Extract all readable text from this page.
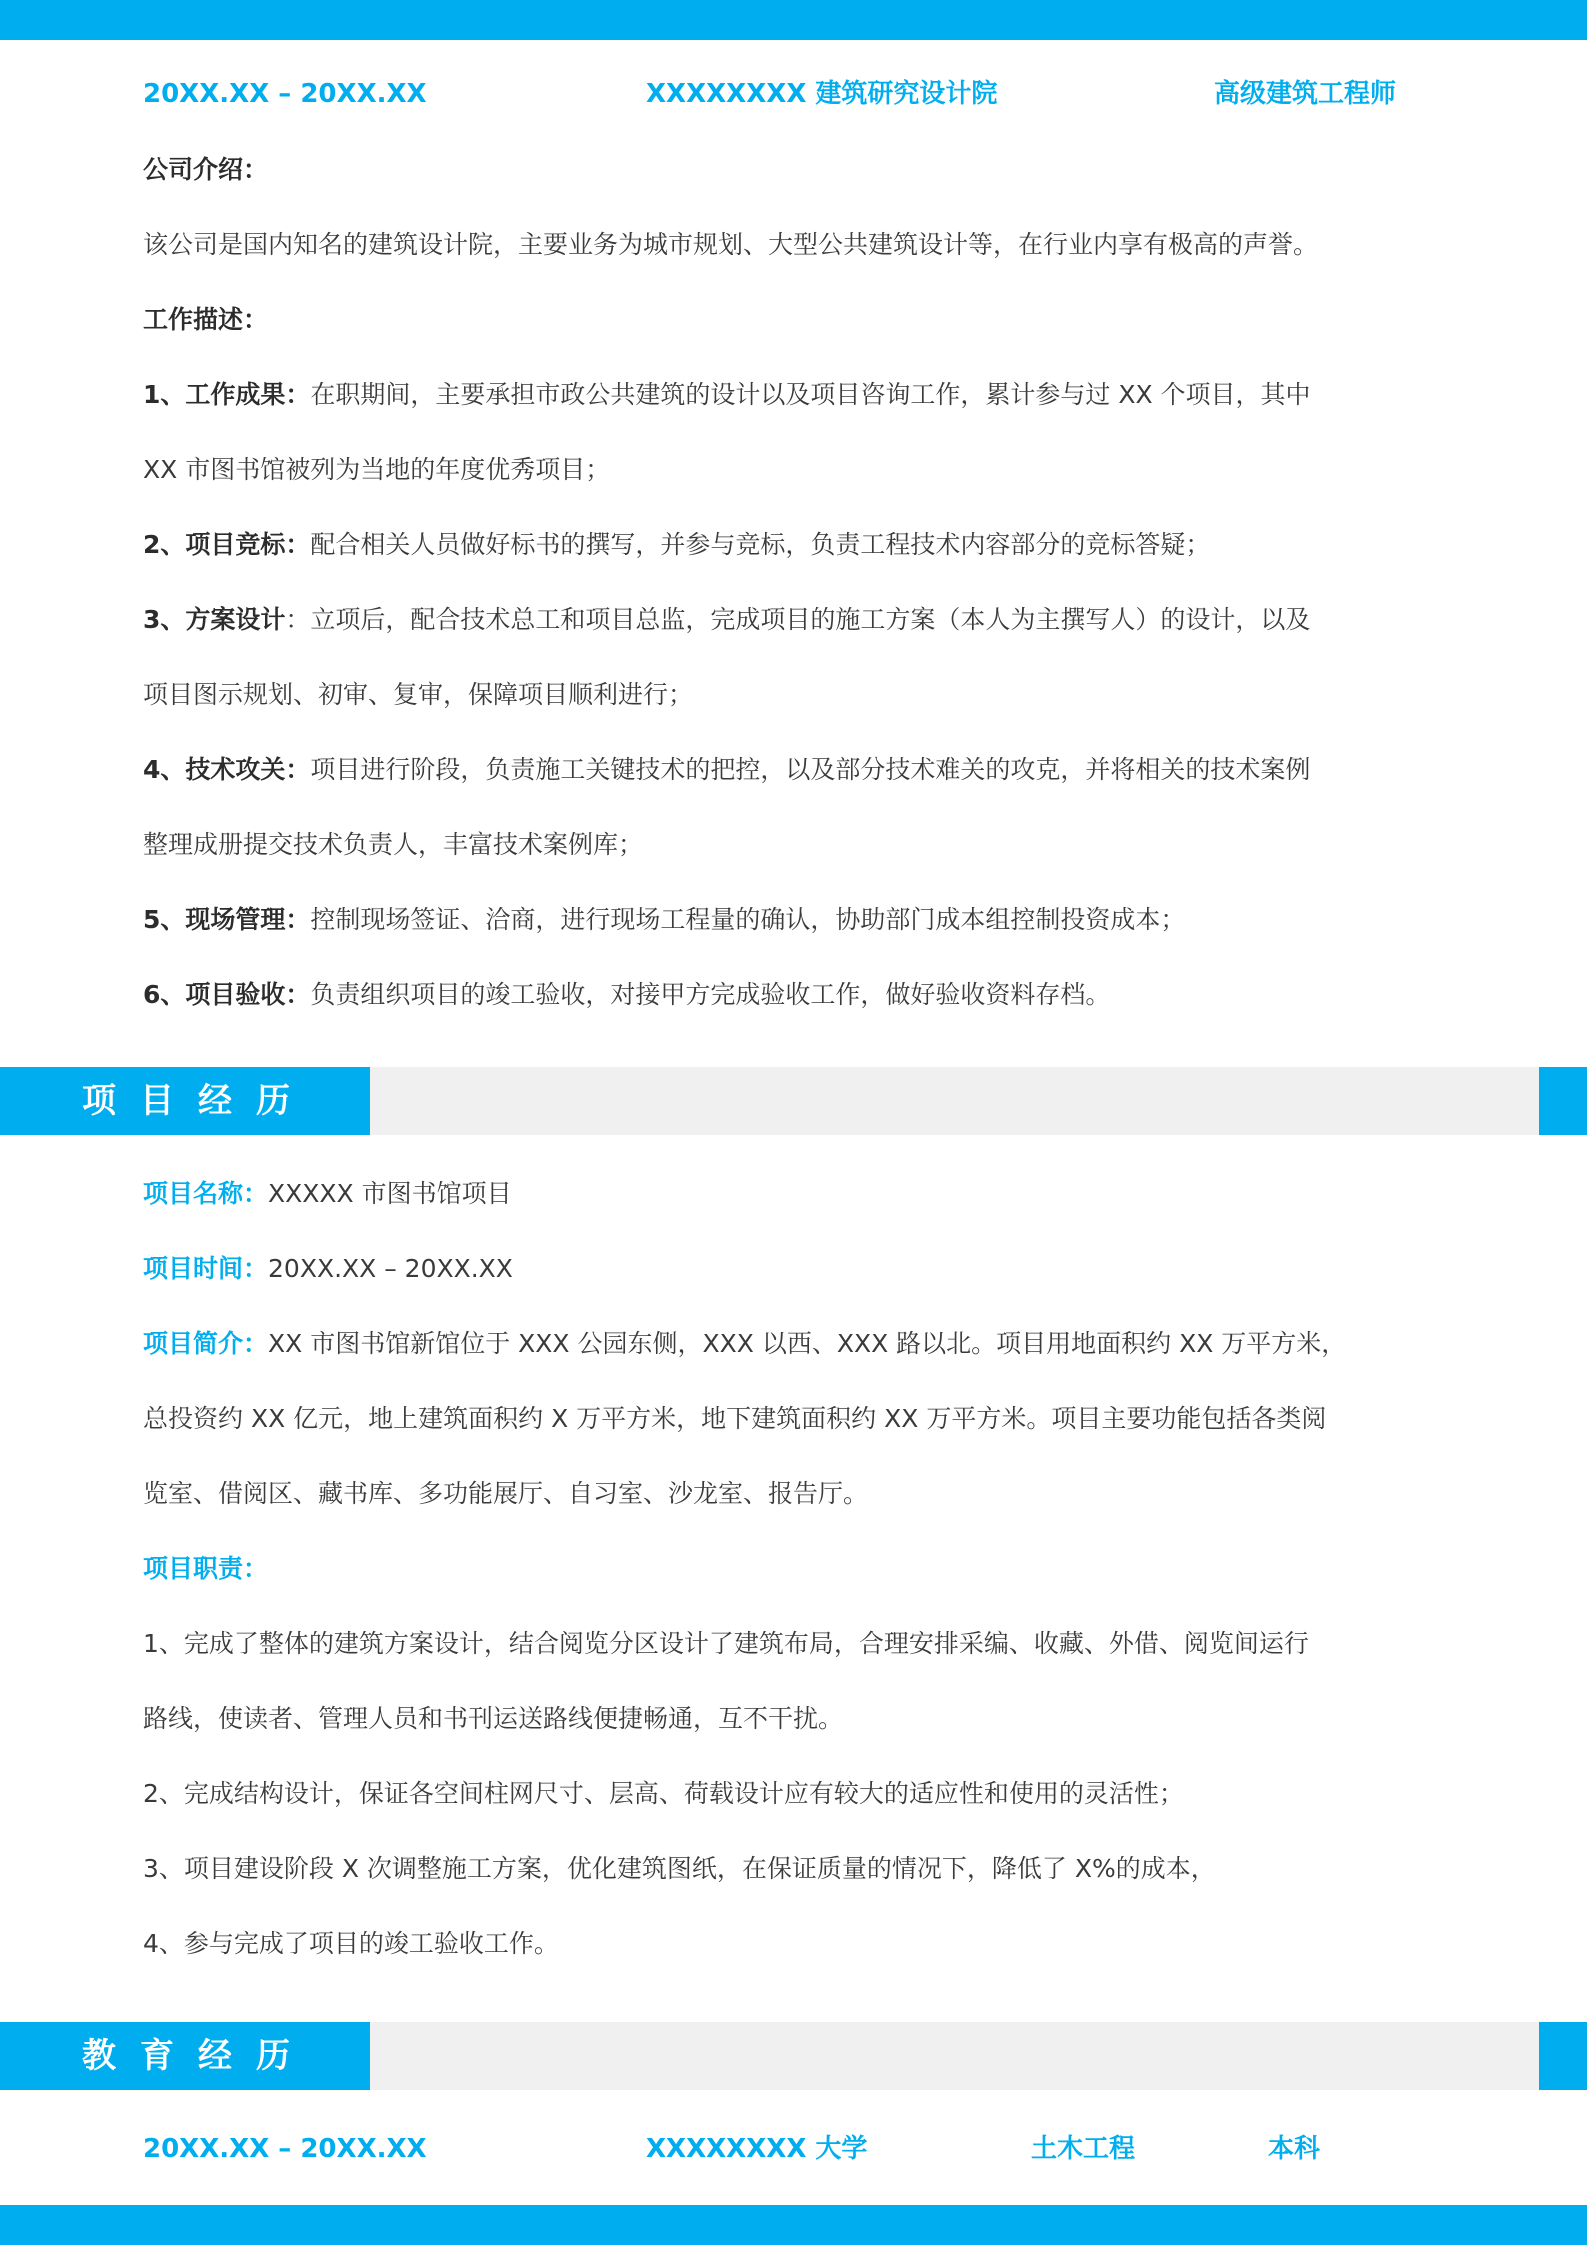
20XX.XX – 20XX.XX	XXXXXXXX 建筑研究设计院	高级建筑工程师
公司介绍：
该公司是国内知名的建筑设计院，主要业务为城市规划、大型公共建筑设计等，在行业内享有极高的声誉。
工作描述：
1、工作成果：在职期间，主要承担市政公共建筑的设计以及项目咨询工作，累计参与过 XX 个项目，其中
XX 市图书馆被列为当地的年度优秀项目；
2、项目竞标：配合相关人员做好标书的撰写，并参与竞标，负责工程技术内容部分的竞标答疑；
3、方案设计：立项后，配合技术总工和项目总监，完成项目的施工方案（本人为主撰写人）的设计，以及
项目图示规划、初审、复审，保障项目顺利进行；
4、技术攻关：项目进行阶段，负责施工关键技术的把控，以及部分技术难关的攻克，并将相关的技术案例
整理成册提交技术负责人，丰富技术案例库；
5、现场管理：控制现场签证、洽商，进行现场工程量的确认，协助部门成本组控制投资成本；
6、项目验收：负责组织项目的竣工验收，对接甲方完成验收工作，做好验收资料存档。
项目经历
项目名称：XXXXX 市图书馆项目
项目时间：20XX.XX – 20XX.XX
项目简介：XX 市图书馆新馆位于 XXX 公园东侧，XXX 以西、XXX 路以北。项目用地面积约 XX 万平方米，
总投资约 XX 亿元，地上建筑面积约 X 万平方米，地下建筑面积约 XX 万平方米。项目主要功能包括各类阅
览室、借阅区、藏书库、多功能展厅、自习室、沙龙室、报告厅。
项目职责：
1、完成了整体的建筑方案设计，结合阅览分区设计了建筑布局，合理安排采编、收藏、外借、阅览间运行
路线，使读者、管理人员和书刊运送路线便捷畅通，互不干扰。
2、完成结构设计，保证各空间柱网尺寸、层高、荷载设计应有较大的适应性和使用的灵活性；
3、项目建设阶段 X 次调整施工方案，优化建筑图纸，在保证质量的情况下，降低了 X%的成本，
4、参与完成了项目的竣工验收工作。
教育经历
20XX.XX – 20XX.XX	XXXXXXXX 大学	土木工程	本科
